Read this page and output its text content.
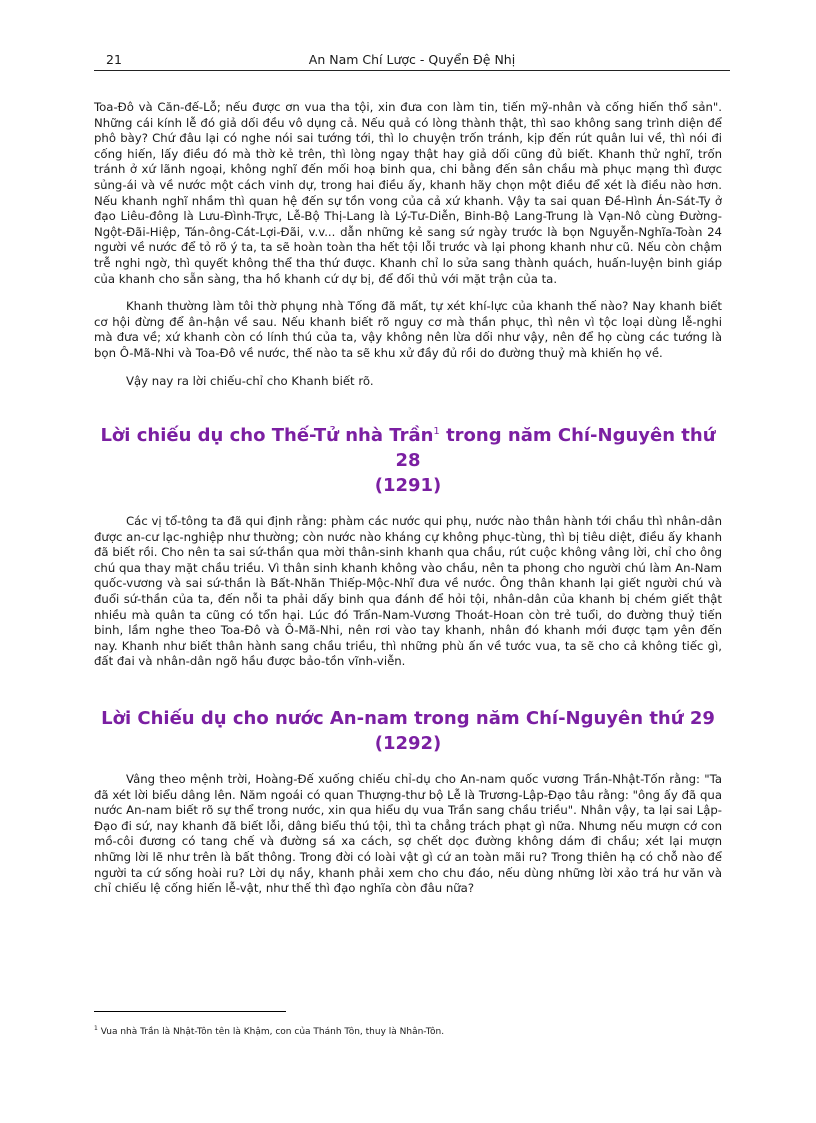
21	An Nam Chí Lược - Quyển Đệ Nhị

Toa-Đô và Căn-đế-Lỗ; nếu được ơn vua tha tội, xin đưa con làm tin, tiến mỹ-nhân và cống hiến thổ sản". Những cái kính lễ đó giả dối đều vô dụng cả. Nếu quả có lòng thành thật, thì sao không sang trình diện để phô bày? Chứ đâu lại có nghe nói sai tướng tới, thì lo chuyện trốn tránh, kịp đến rút quân lui về, thì nói đi cống hiến, lấy điều đó mà thờ kẻ trên, thì lòng ngay thật hay giả dối cũng đủ biết. Khanh thử nghĩ, trốn tránh ở xứ lãnh ngoại, không nghĩ đến mối hoạ binh qua, chi bằng đến sân chầu mà phục mạng thì được sủng-ái và về nước một cách vinh dự, trong hai điều ấy, khanh hãy chọn một điều để xét là điều nào hơn. Nếu khanh nghĩ nhầm thì quan hệ đến sự tồn vong của cả xứ khanh. Vậy ta sai quan Đề-Hình Án-Sát-Ty ở đạo Liêu-đông là Lưu-Đình-Trực, Lễ-Bộ Thị-Lang là Lý-Tư-Diễn, Binh-Bộ Lang-Trung là Vạn-Nô cùng Đường-Ngột-Đãi-Hiệp, Tán-ông-Cát-Lợi-Đãi, v.v... dẫn những kẻ sang sứ ngày trước là bọn Nguyễn-Nghĩa-Toàn 24 người về nước để tỏ rõ ý ta, ta sẽ hoàn toàn tha hết tội lỗi trước và lại phong khanh như cũ. Nếu còn chậm trễ nghi ngờ, thì quyết không thể tha thứ được. Khanh chỉ lo sửa sang thành quách, huấn-luyện binh giáp của khanh cho sẵn sàng, tha hồ khanh cứ dự bị, để đối thủ với mặt trận của ta.

Khanh thường làm tôi thờ phụng nhà Tống đã mất, tự xét khí-lực của khanh thế nào? Nay khanh biết cơ hội đừng để ân-hận về sau. Nếu khanh biết rõ nguy cơ mà thần phục, thì nên vì tộc loại dùng lễ-nghi mà đưa về; xứ khanh còn có lính thú của ta, vậy không nên lừa dối như vậy, nên để họ cùng các tướng là bọn Ô-Mã-Nhi và Toa-Đô về nước, thế nào ta sẽ khu xử đầy đủ rồi do đường thuỷ mà khiến họ về.

Vậy nay ra lời chiếu-chỉ cho Khanh biết rõ.

Lời chiếu dụ cho Thế-Tử nhà Trần$^1$ trong năm Chí-Nguyên thứ 28
(1291)

Các vị tổ-tông ta đã qui định rằng: phàm các nước qui phụ, nước nào thân hành tới chầu thì nhân-dân được an-cư lạc-nghiệp như thường; còn nước nào kháng cự không phục-tùng, thì bị tiêu diệt, điều ấy khanh đã biết rồi. Cho nên ta sai sứ-thần qua mời thân-sinh khanh qua chầu, rút cuộc không vâng lời, chỉ cho ông chú qua thay mặt chầu triều. Vì thân sinh khanh không vào chầu, nên ta phong cho người chú làm An-Nam quốc-vương và sai sứ-thần là Bất-Nhãn Thiếp-Mộc-Nhĩ đưa về nước. Ông thân khanh lại giết người chú và đuổi sứ-thần của ta, đến nỗi ta phải dấy binh qua đánh để hỏi tội, nhân-dân của khanh bị chém giết thật nhiều mà quân ta cũng có tổn hại. Lúc đó Trấn-Nam-Vương Thoát-Hoan còn trẻ tuổi, do đường thuỷ tiến binh, lầm nghe theo Toa-Đô và Ô-Mã-Nhi, nên rơi vào tay khanh, nhân đó khanh mới được tạm yên đến nay. Khanh như biết thân hành sang chầu triều, thì những phù ấn về tước vua, ta sẽ cho cả không tiếc gì, đất đai và nhân-dân ngõ hầu được bảo-tồn vĩnh-viễn.

Lời Chiếu dụ cho nước An-nam trong năm Chí-Nguyên thứ 29
(1292)

Vâng theo mệnh trời, Hoàng-Đế xuống chiếu chỉ-dụ cho An-nam quốc vương Trần-Nhật-Tốn rằng: "Ta đã xét lời biểu dâng lên. Năm ngoái có quan Thượng-thư bộ Lễ là Trương-Lập-Đạo tâu rằng: "ông ấy đã qua nước An-nam biết rõ sự thể trong nước, xin qua hiểu dụ vua Trần sang chầu triều". Nhân vậy, ta lại sai Lập-Đạo đi sứ, nay khanh đã biết lỗi, dâng biểu thú tội, thì ta chẳng trách phạt gì nữa. Nhưng nếu mượn cớ con mồ-côi đương có tang chế và đường sá xa cách, sợ chết dọc đường không dám đi chầu; xét lại mượn những lời lẽ như trên là bất thông. Trong đời có loài vật gì cứ an toàn mãi ru? Trong thiên hạ có chỗ nào để người ta cứ sống hoài ru? Lời dụ nầy, khanh phải xem cho chu đáo, nếu dùng những lời xảo trá hư văn và chỉ chiếu lệ cống hiến lễ-vật, như thế thì đạo nghĩa còn đâu nữa?

$^1$ Vua nhà Trần là Nhật-Tôn tên là Khậm, con của Thánh Tôn, thuy là Nhân-Tôn.
